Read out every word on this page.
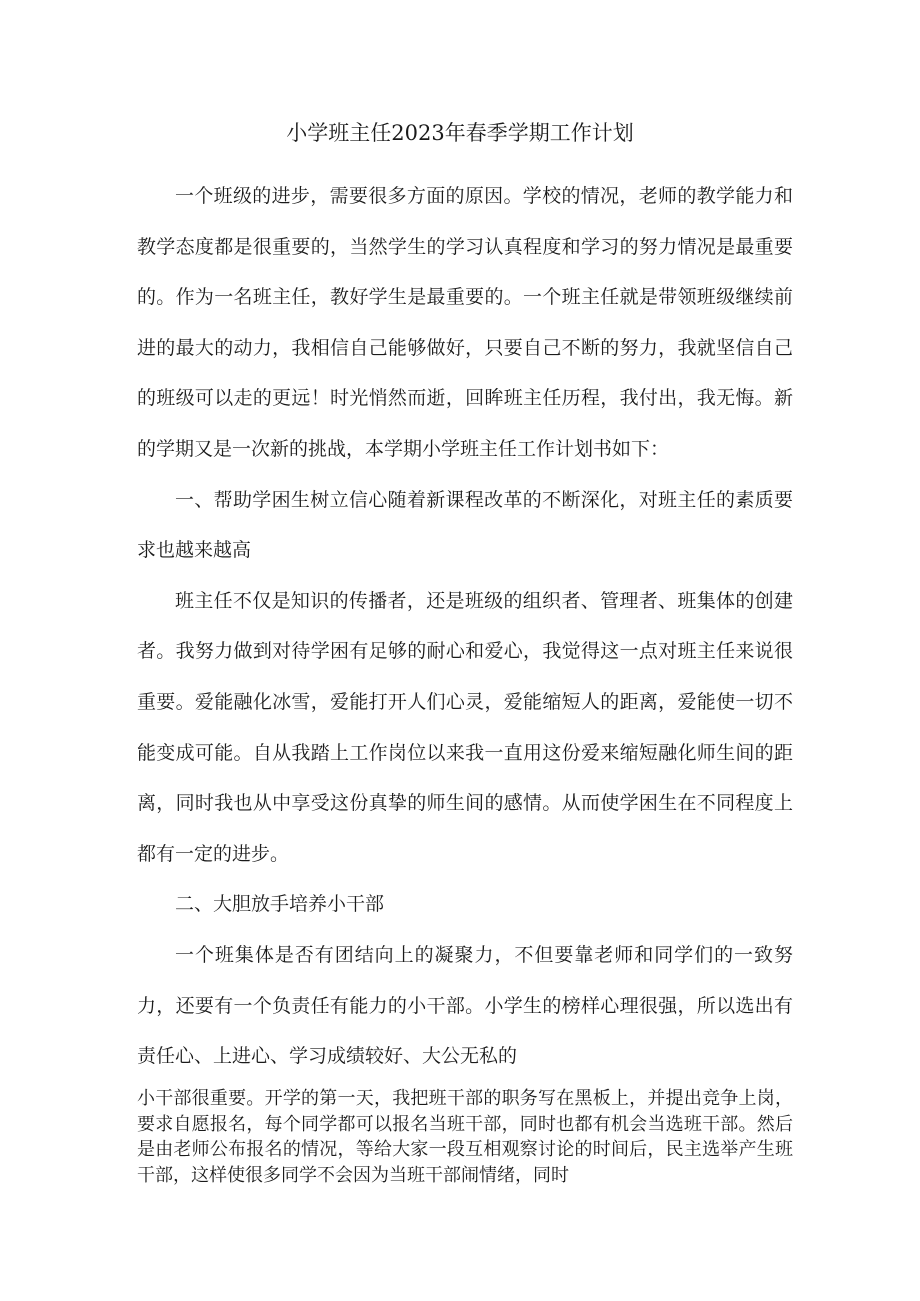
小学班主任2023年春季学期工作计划

一个班级的进步，需要很多方面的原因。学校的情况，老师的教学能力和教学态度都是很重要的，当然学生的学习认真程度和学习的努力情况是最重要的。作为一名班主任，教好学生是最重要的。一个班主任就是带领班级继续前进的最大的动力，我相信自己能够做好，只要自己不断的努力，我就坚信自己的班级可以走的更远！时光悄然而逝，回眸班主任历程，我付出，我无悔。新的学期又是一次新的挑战，本学期小学班主任工作计划书如下：

一、帮助学困生树立信心随着新课程改革的不断深化，对班主任的素质要求也越来越高

班主任不仅是知识的传播者，还是班级的组织者、管理者、班集体的创建者。我努力做到对待学困有足够的耐心和爱心，我觉得这一点对班主任来说很重要。爱能融化冰雪，爱能打开人们心灵，爱能缩短人的距离，爱能使一切不能变成可能。自从我踏上工作岗位以来我一直用这份爱来缩短融化师生间的距离，同时我也从中享受这份真挚的师生间的感情。从而使学困生在不同程度上都有一定的进步。

二、大胆放手培养小干部

一个班集体是否有团结向上的凝聚力，不但要靠老师和同学们的一致努力，还要有一个负责任有能力的小干部。小学生的榜样心理很强，所以选出有责任心、上进心、学习成绩较好、大公无私的

小干部很重要。开学的第一天，我把班干部的职务写在黑板上，并提出竞争上岗，要求自愿报名，每个同学都可以报名当班干部，同时也都有机会当选班干部。然后是由老师公布报名的情况，等给大家一段互相观察讨论的时间后，民主选举产生班干部，这样使很多同学不会因为当班干部闹情绪，同时
